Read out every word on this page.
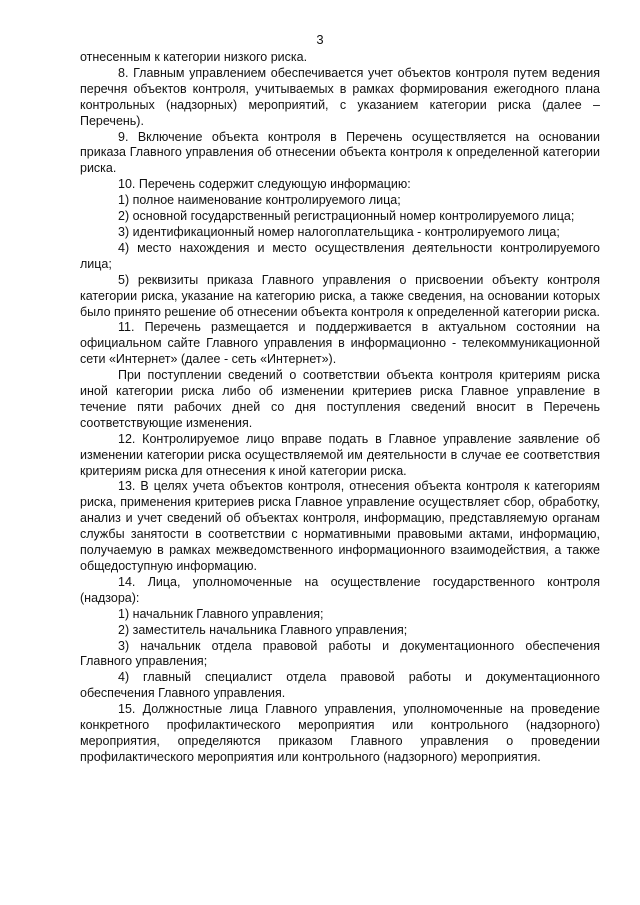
3

отнесенным к категории низкого риска.

8. Главным управлением обеспечивается учет объектов контроля путем ведения перечня объектов контроля, учитываемых в рамках формирования ежегодного плана контрольных (надзорных) мероприятий, с указанием категории риска (далее – Перечень).

9. Включение объекта контроля в Перечень осуществляется на основании приказа Главного управления об отнесении объекта контроля к определенной категории риска.

10. Перечень содержит следующую информацию:

1) полное наименование контролируемого лица;

2) основной государственный регистрационный номер контролируемого лица;

3) идентификационный номер налогоплательщика - контролируемого лица;

4) место нахождения и место осуществления деятельности контролируемого лица;

5) реквизиты приказа Главного управления о присвоении объекту контроля категории риска, указание на категорию риска, а также сведения, на основании которых было принято решение об отнесении объекта контроля к определенной категории риска.

11. Перечень размещается и поддерживается в актуальном состоянии на официальном сайте Главного управления в информационно - телекоммуникационной сети «Интернет» (далее - сеть «Интернет»).

При поступлении сведений о соответствии объекта контроля критериям риска иной категории риска либо об изменении критериев риска Главное управление в течение пяти рабочих дней со дня поступления сведений вносит в Перечень соответствующие изменения.

12. Контролируемое лицо вправе подать в Главное управление заявление об изменении категории риска осуществляемой им деятельности в случае ее соответствия критериям риска для отнесения к иной категории риска.

13. В целях учета объектов контроля, отнесения объекта контроля к категориям риска, применения критериев риска Главное управление осуществляет сбор, обработку, анализ и учет сведений об объектах контроля, информацию, представляемую органам службы занятости в соответствии с нормативными правовыми актами, информацию, получаемую в рамках межведомственного информационного взаимодействия, а также общедоступную информацию.

14. Лица, уполномоченные на осуществление государственного контроля (надзора):

1) начальник Главного управления;

2) заместитель начальника Главного управления;

3) начальник отдела правовой работы и документационного обеспечения Главного управления;

4) главный специалист отдела правовой работы и документационного обеспечения Главного управления.

15. Должностные лица Главного управления, уполномоченные на проведение конкретного профилактического мероприятия или контрольного (надзорного) мероприятия, определяются приказом Главного управления о проведении профилактического мероприятия или контрольного (надзорного) мероприятия.
